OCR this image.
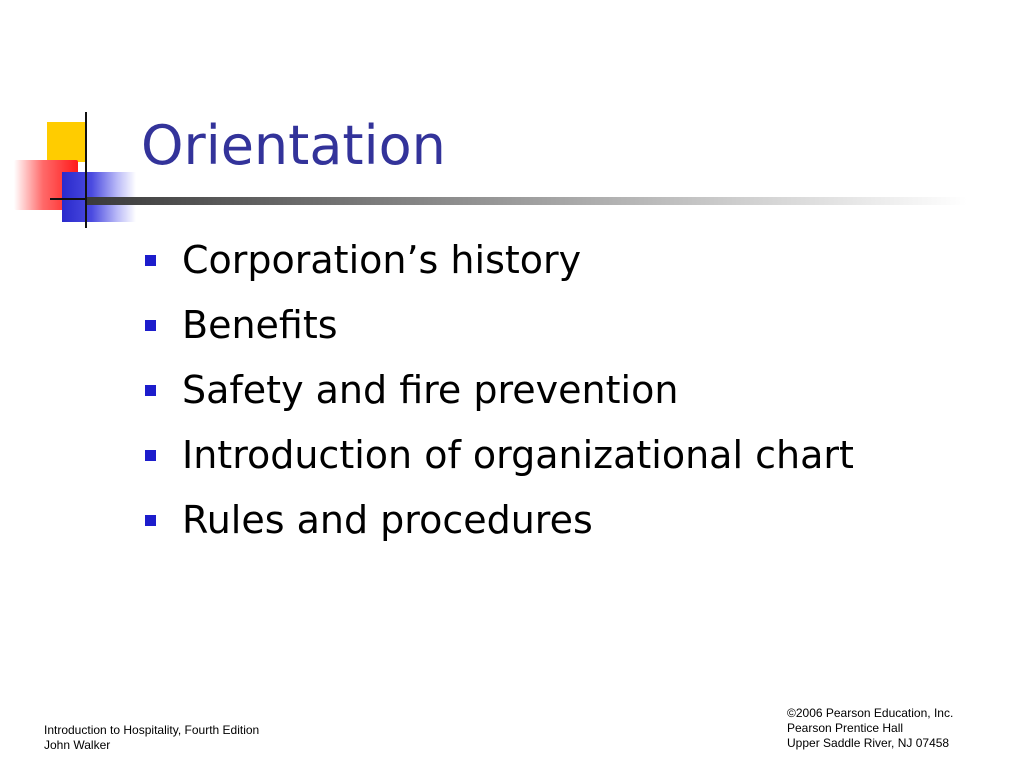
Orientation
Corporation’s history
Benefits
Safety and fire prevention
Introduction of organizational chart
Rules and procedures
Introduction to Hospitality, Fourth Edition
John Walker
©2006 Pearson Education, Inc.
Pearson Prentice Hall
Upper Saddle River, NJ 07458
